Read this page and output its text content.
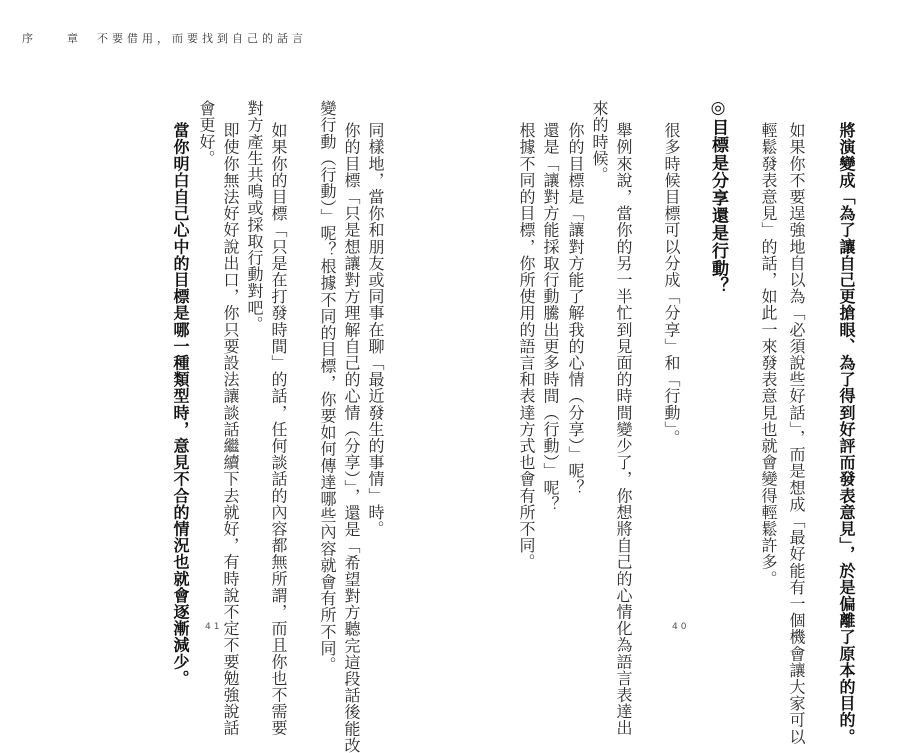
序　　章　不要借用，而要找到自己的話言
將演變成「為了讓自己更搶眼、為了得到好評而發表意見」，於是偏離了原本的目的。
如果你不要逞強地自以為「必須說些好話」，而是想成「最好能有一個機會讓大家可以
輕鬆發表意見」的話，如此一來發表意見也就會變得輕鬆許多。
◎目標是分享還是行動？
很多時候目標可以分成「分享」和「行動」。
舉例來說，當你的另一半忙到見面的時間變少了，你想將自己的心情化為語言表達出
來的時候。
你的目標是「讓對方能了解我的心情（分享）」呢？
還是「讓對方能採取行動騰出更多時間（行動）」呢？
根據不同的目標，你所使用的語言和表達方式也會有所不同。
同樣地，當你和朋友或同事在聊「最近發生的事情」時。
你的目標「只是想讓對方理解自己的心情（分享）」，還是「希望對方聽完這段話後能改
變行動（行動）」呢？根據不同的目標，你要如何傳達哪些內容就會有所不同。
如果你的目標「只是在打發時間」的話，任何談話的內容都無所謂，而且你也不需要
對方產生共鳴或採取行動對吧。
即使你無法好好說出口，你只要設法讓談話繼續下去就好，有時說不定不要勉強說話
會更好。
當你明白自己心中的目標是哪一種類型時，意見不合的情況也就會逐漸減少。 41	40
